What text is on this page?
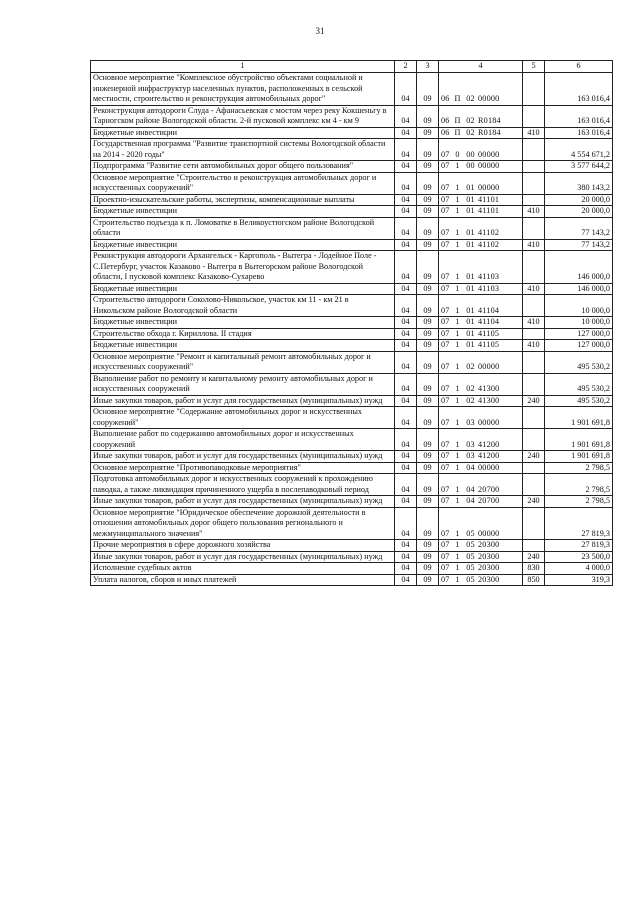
31
1	2	3	4	5	6
Основное мероприятие "Комплексное обустройство объектами социальной и инженерной инфраструктур населенных пунктов, расположенных в сельской местности, строительство и реконструкция автомобильных дорог"	04	09	06 П 02 00000		163 016,4
Реконструкция автодороги Слуда - Афанасьевская с мостом через реку Кокшеньгу в Тарногском районе Вологодской области. 2-й пусковой комплекс км 4 - км 9	04	09	06 П 02 R0184		163 016,4
Бюджетные инвестиции	04	09	06 П 02 R0184	410	163 016,4
Государственная программа "Развитие транспортной системы Вологодской области на 2014 - 2020 годы"	04	09	07 0 00 00000		4 554 671,2
Подпрограмма "Развитие сети автомобильных дорог общего пользования"	04	09	07 1 00 00000		3 577 644,2
Основное мероприятие "Строительство и реконструкция автомобильных дорог и искусственных сооружений"	04	09	07 1 01 00000		380 143,2
Проектно-изыскательские работы, экспертизы, компенсационные выплаты	04	09	07 1 01 41101		20 000,0
Бюджетные инвестиции	04	09	07 1 01 41101	410	20 000,0
Строительство подъезда к п. Ломоватке в Великоустюгском районе Вологодской области	04	09	07 1 01 41102		77 143,2
Бюджетные инвестиции	04	09	07 1 01 41102	410	77 143,2
Реконструкция автодороги Архангельск - Каргополь - Вытегра - Лодейное Поле - С.Петербург, участок Казаково - Вытегра в Вытегорском районе Вологодской области, I пусковой комплекс Казаково-Сухарево	04	09	07 1 01 41103		146 000,0
Бюджетные инвестиции	04	09	07 1 01 41103	410	146 000,0
Строительство автодороги Соколово-Никольское, участок км 11 - км 21 в Никольском районе Вологодской области	04	09	07 1 01 41104		10 000,0
Бюджетные инвестиции	04	09	07 1 01 41104	410	10 000,0
Строительство обхода г. Кириллова. II стадия	04	09	07 1 01 41105		127 000,0
Бюджетные инвестиции	04	09	07 1 01 41105	410	127 000,0
Основное мероприятие "Ремонт и капитальный ремонт автомобильных дорог и искусственных сооружений"	04	09	07 1 02 00000		495 530,2
Выполнение работ по ремонту и капитальному ремонту автомобильных дорог и искусственных сооружений	04	09	07 1 02 41300		495 530,2
Иные закупки товаров, работ и услуг для государственных (муниципальных) нужд	04	09	07 1 02 41300	240	495 530,2
Основное мероприятие "Содержание автомобильных дорог и искусственных сооружений"	04	09	07 1 03 00000		1 901 691,8
Выполнение работ по содержанию автомобильных дорог и искусственных сооружений	04	09	07 1 03 41200		1 901 691,8
Иные закупки товаров, работ и услуг для государственных (муниципальных) нужд	04	09	07 1 03 41200	240	1 901 691,8
Основное мероприятие "Противопаводковые мероприятия"	04	09	07 1 04 00000		2 798,5
Подготовка автомобильных дорог и искусственных сооружений к прохождению паводка, а также ликвидация причиненного ущерба в послепаводковый период	04	09	07 1 04 20700		2 798,5
Иные закупки товаров, работ и услуг для государственных (муниципальных) нужд	04	09	07 1 04 20700	240	2 798,5
Основное мероприятие "Юридическое обеспечение дорожной деятельности в отношении автомобильных дорог общего пользования регионального и межмуниципального значения"	04	09	07 1 05 00000		27 819,3
Прочие мероприятия в сфере дорожного хозяйства	04	09	07 1 05 20300		27 819,3
Иные закупки товаров, работ и услуг для государственных (муниципальных) нужд	04	09	07 1 05 20300	240	23 500,0
Исполнение судебных актов	04	09	07 1 05 20300	830	4 000,0
Уплата налогов, сборов и иных платежей	04	09	07 1 05 20300	850	319,3
